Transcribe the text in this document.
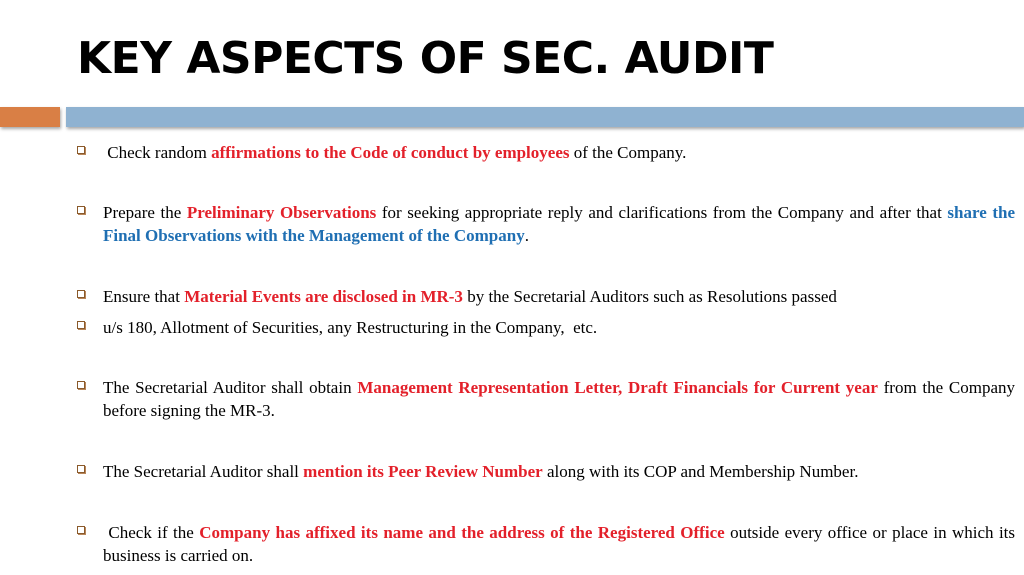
KEY ASPECTS OF SEC. AUDIT
Check random affirmations to the Code of conduct by employees of the Company.
Prepare the Preliminary Observations for seeking appropriate reply and clarifications from the Company and after that share the Final Observations with the Management of the Company.
Ensure that Material Events are disclosed in MR-3 by the Secretarial Auditors such as Resolutions passed
u/s 180, Allotment of Securities, any Restructuring in the Company,  etc.
The Secretarial Auditor shall obtain Management Representation Letter, Draft Financials for Current year from the Company before signing the MR-3.
The Secretarial Auditor shall mention its Peer Review Number along with its COP and Membership Number.
Check if the Company has affixed its name and the address of the Registered Office outside every office or place in which its business is carried on.
